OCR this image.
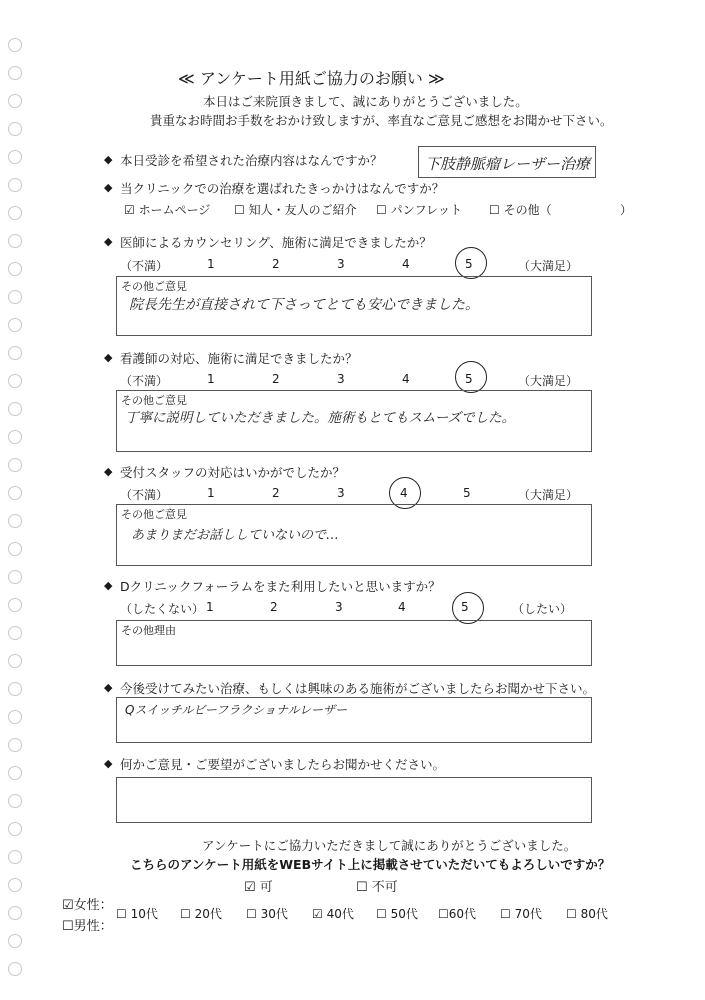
≪ アンケート用紙ご協力のお願い ≫
本日はご来院頂きまして、誠にありがとうございました。
貴重なお時間お手数をおかけ致しますが、率直なご意見ご感想をお聞かせ下さい。
◆ 本日受診を希望された治療内容はなんですか？	下肢静脈瘤レーザー治療
◆ 当クリニックでの治療を選ばれたきっかけはなんですか？
☑ ホームページ ☐ 知人・友人のご紹介 ☐ パンフレット ☐ その他（	）
◆ 医師によるカウンセリング、施術に満足できましたか？
（不満）	1	2	3	4	5	（大満足）
その他ご意見
院長先生が直接されて下さってとても安心できました。
◆ 看護師の対応、施術に満足できましたか？
（不満）	1	2	3	4	5	（大満足）
その他ご意見
丁寧に説明していただきました。施術もとてもスムーズでした。
◆ 受付スタッフの対応はいかがでしたか？
（不満）	1	2	3	4	5	（大満足）
その他ご意見
あまりまだお話ししていないので…
◆ Dクリニックフォーラムをまた利用したいと思いますか？
（したくない） 1	2	3	4	5	（したい）
その他理由
◆ 今後受けてみたい治療、もしくは興味のある施術がございましたらお聞かせ下さい。
Qスイッチルビーフラクショナルレーザー
◆ 何かご意見・ご要望がございましたらお聞かせください。
アンケートにご協力いただきまして誠にありがとうございました。
こちらのアンケート用紙をWEBサイト上に掲載させていただいてもよろしいですか？
☑ 可	☐ 不可
☑女性：
☐男性：
☐ 10代 ☐ 20代 ☐ 30代 ☑ 40代 ☐ 50代 ☐60代 ☐ 70代 ☐ 80代
